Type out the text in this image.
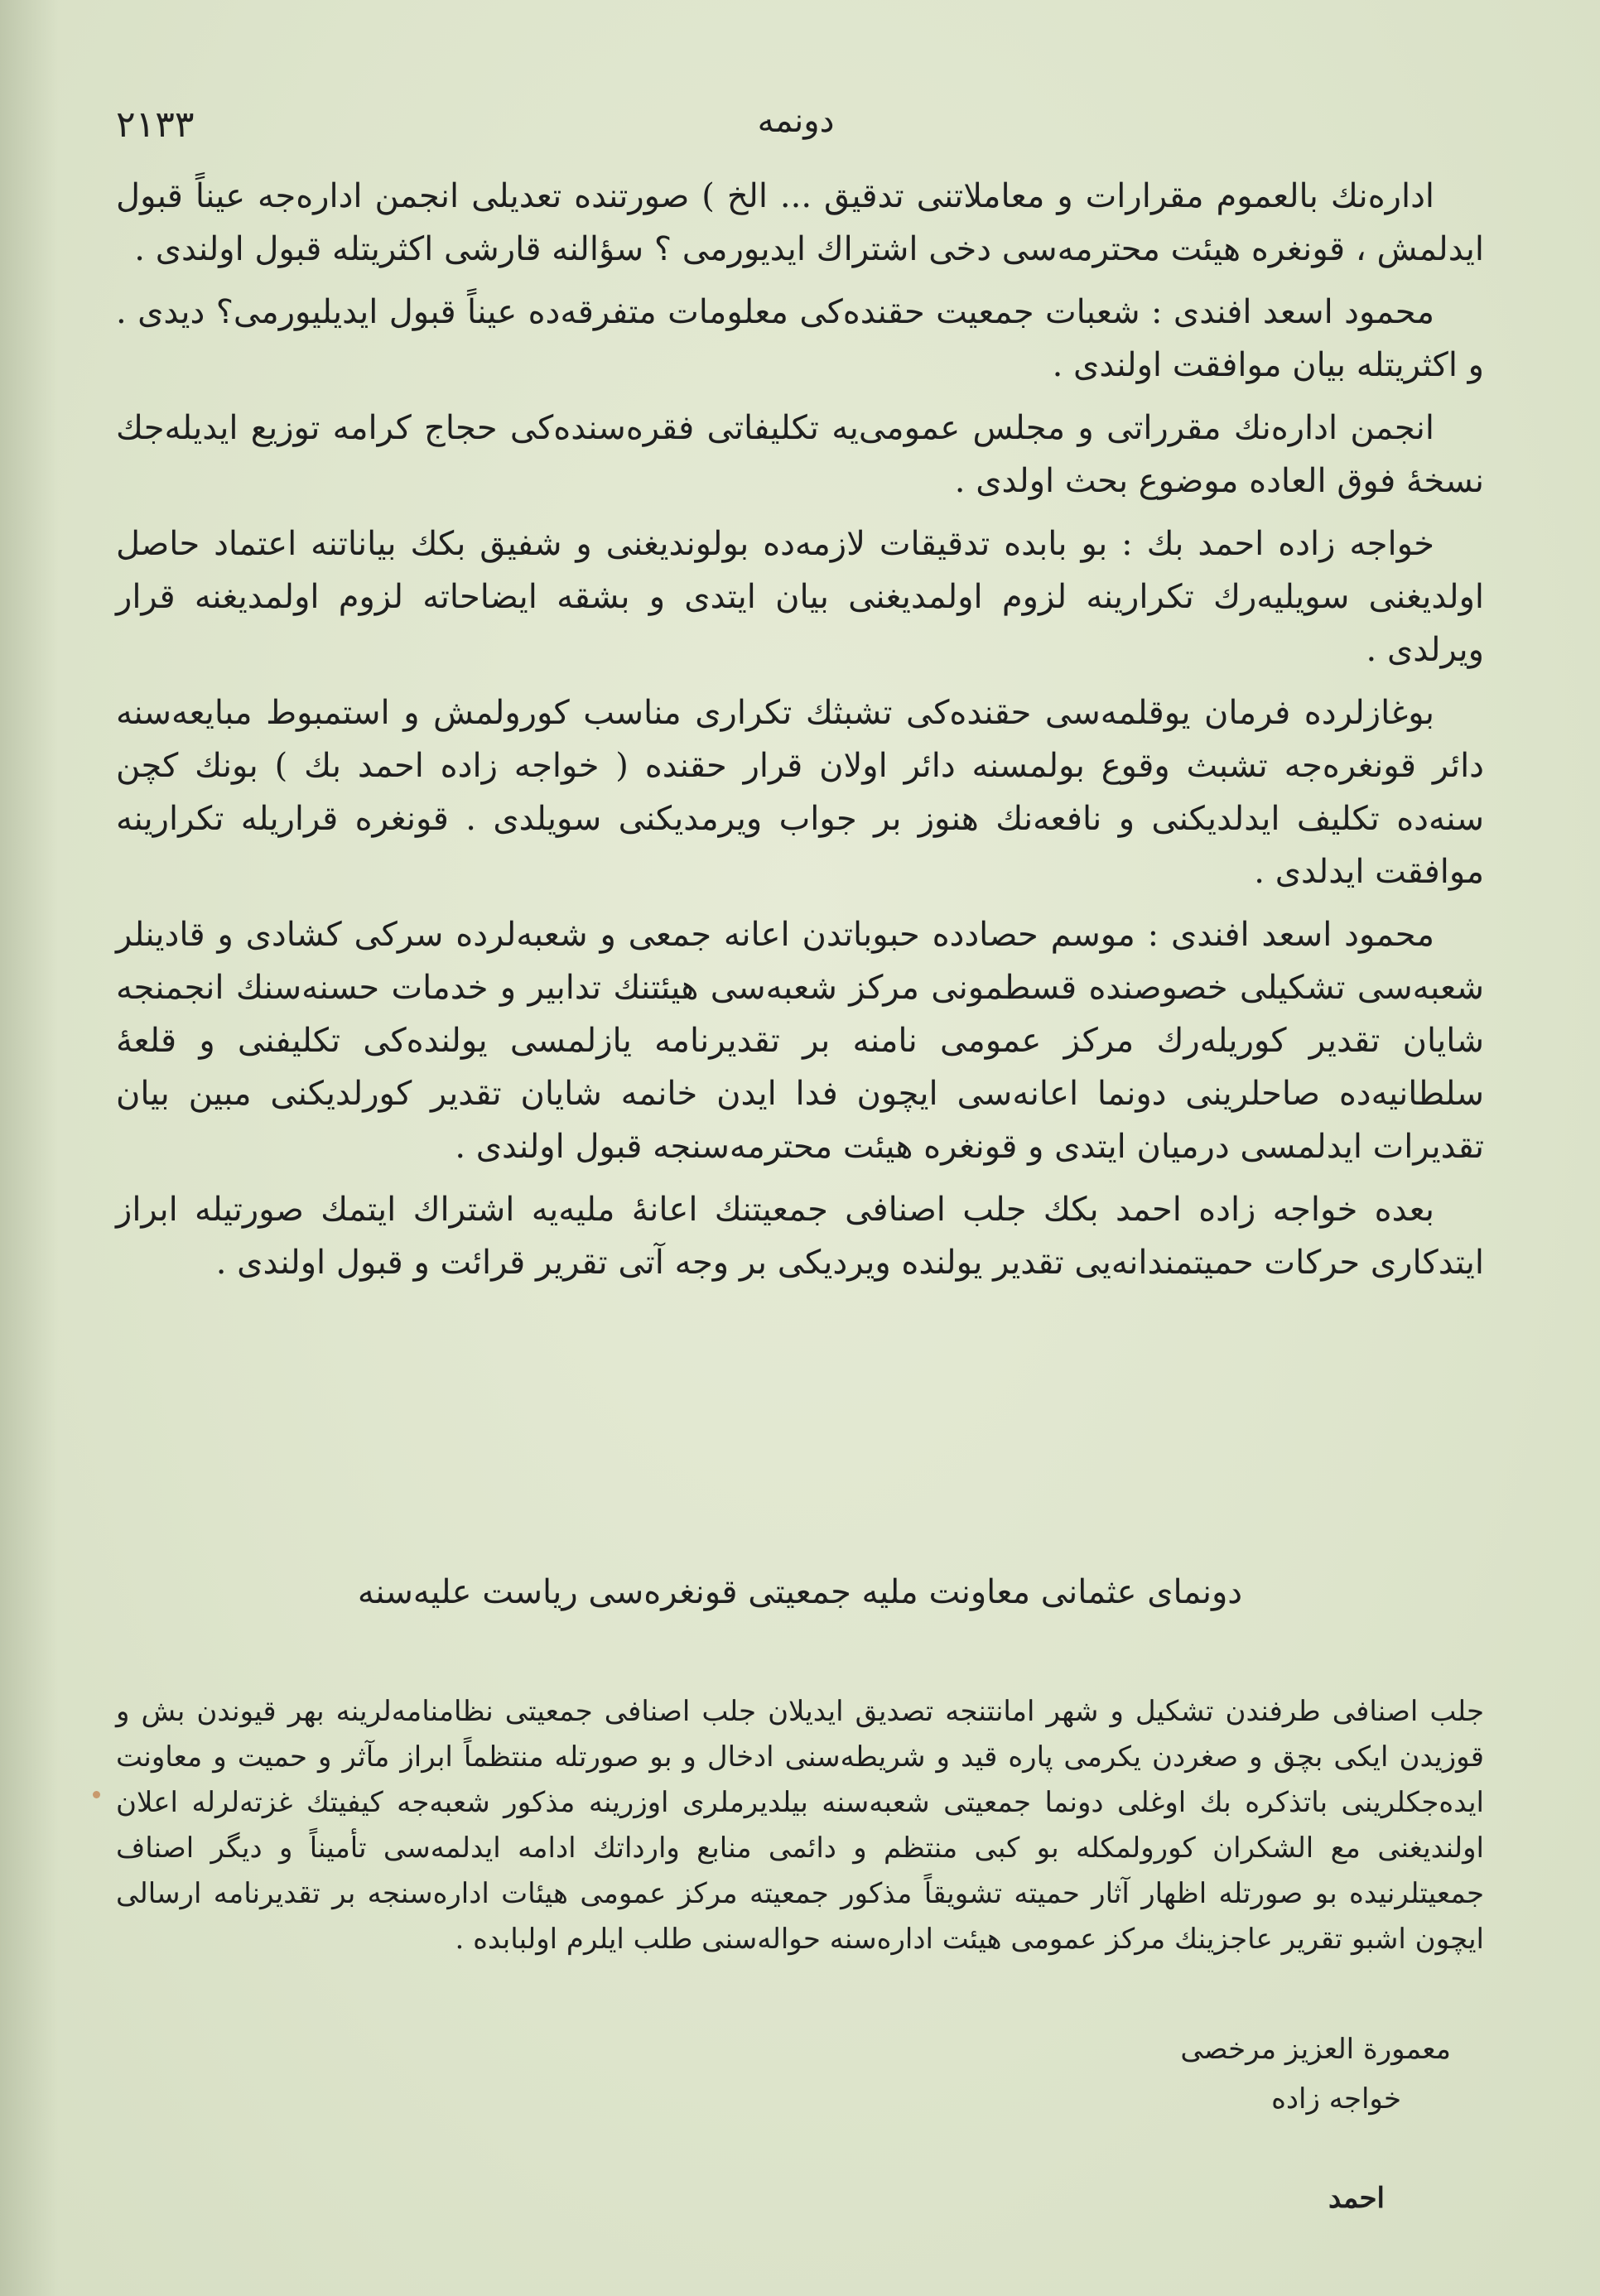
٢١٣٣	دونمه

اداره‌نك بالعموم مقرارات و معاملاتنی تدقیق ... الخ ) صورتنده تعدیلی انجمن اداره‌جه عیناً قبول ایدلمش ، قونغره هیئت محترمه‌سی دخی اشتراك ایدیورمی ؟ سؤالنه قارشی اكثریتله قبول اولندی .

محمود اسعد افندی : شعبات جمعیت حقنده‌كی معلومات متفرقه‌ده عیناً قبول ایدیلیورمی؟ دیدی . و اكثریتله بیان موافقت اولندی .

انجمن اداره‌نك مقرراتی و مجلس عمومی‌یه تكلیفاتی فقره‌سنده‌كی حجاج كرامه توزیع ایدیله‌جك نسخهٔ فوق العاده موضوع بحث اولدی .

خواجه زاده احمد بك : بو بابده تدقیقات لازمه‌ده بولوندیغنی و شفیق بكك بیاناتنه اعتماد حاصل اولدیغنی سویلیه‌رك تكرارینه لزوم اولمدیغنی بیان ایتدی و بشقه ایضاحاته لزوم اولمدیغنه قرار ویرلدی .

بوغازلرده فرمان یوقلمه‌سی حقنده‌كی تشبثك تكراری مناسب كورولمش و استمبوط مبایعه‌سنه دائر قونغره‌جه تشبث وقوع بولمسنه دائر اولان قرار حقنده ( خواجه زاده احمد بك ) بونك كچن سنه‌ده تكلیف ایدلدیكنی و نافعه‌نك هنوز بر جواب ویرمدیكنی سویلدی . قونغره قراریله تكرارینه موافقت ایدلدی .

محمود اسعد افندی : موسم حصادده حبوباتدن اعانه جمعی و شعبه‌لرده سركی كشادی و قادینلر شعبه‌سی تشكیلی خصوصنده قسطمونی مركز شعبه‌سی هیئتنك تدابیر و خدمات حسنه‌سنك انجمنجه شایان تقدیر كوریله‌رك مركز عمومی نامنه بر تقدیرنامه یازلمسی یولنده‌كی تكلیفنی و قلعهٔ سلطانیه‌ده صاحلرینی دونما اعانه‌سی ایچون فدا ایدن خانمه شایان تقدیر كورلدیكنی مبین بیان تقدیرات ایدلمسی درمیان ایتدی و قونغره هیئت محترمه‌سنجه قبول اولندی .

بعده خواجه زاده احمد بكك جلب اصنافی جمعیتنك اعانهٔ ملیه‌یه اشتراك ایتمك صورتیله ابراز ایتدكاری حركات حمیتمندانه‌یی تقدیر یولنده ویردیكی بر وجه آتی تقریر قرائت و قبول اولندی .

دونمای عثمانی معاونت ملیه جمعیتی قونغره‌سی ریاست علیه‌سنه
جلب اصنافی طرفندن تشكیل و شهر امانتنجه تصدیق ایدیلان جلب اصنافی جمعیتی نظامنامه‌لرینه بهر قیوندن بش و قوزیدن ایكی بچق و صغردن یكرمی پاره قید و شریطه‌سنی ادخال و بو صورتله منتظماً ابراز مآثر و حمیت و معاونت ایده‌جكلرینی باتذكره بك اوغلی دونما جمعیتی شعبه‌سنه بیلدیرملری اوزرینه مذكور شعبه‌جه كیفیتك غزته‌لرله اعلان اولندیغنی مع الشكران كورولمكله بو كبی منتظم و دائمی منابع وارداتك ادامه ایدلمه‌سی تأمیناً و دیگر اصناف جمعیتلرنیده بو صورتله اظهار آثار حمیته تشویقاً مذكور جمعیته مركز عمومی هیئات اداره‌سنجه بر تقدیرنامه ارسالی ایچون اشبو تقریر عاجزینك مركز عمومی هیئت اداره‌سنه حواله‌سنی طلب ایلرم اولبابده .
معمورة العزیز مرخصی
خواجه زاده
احمد
